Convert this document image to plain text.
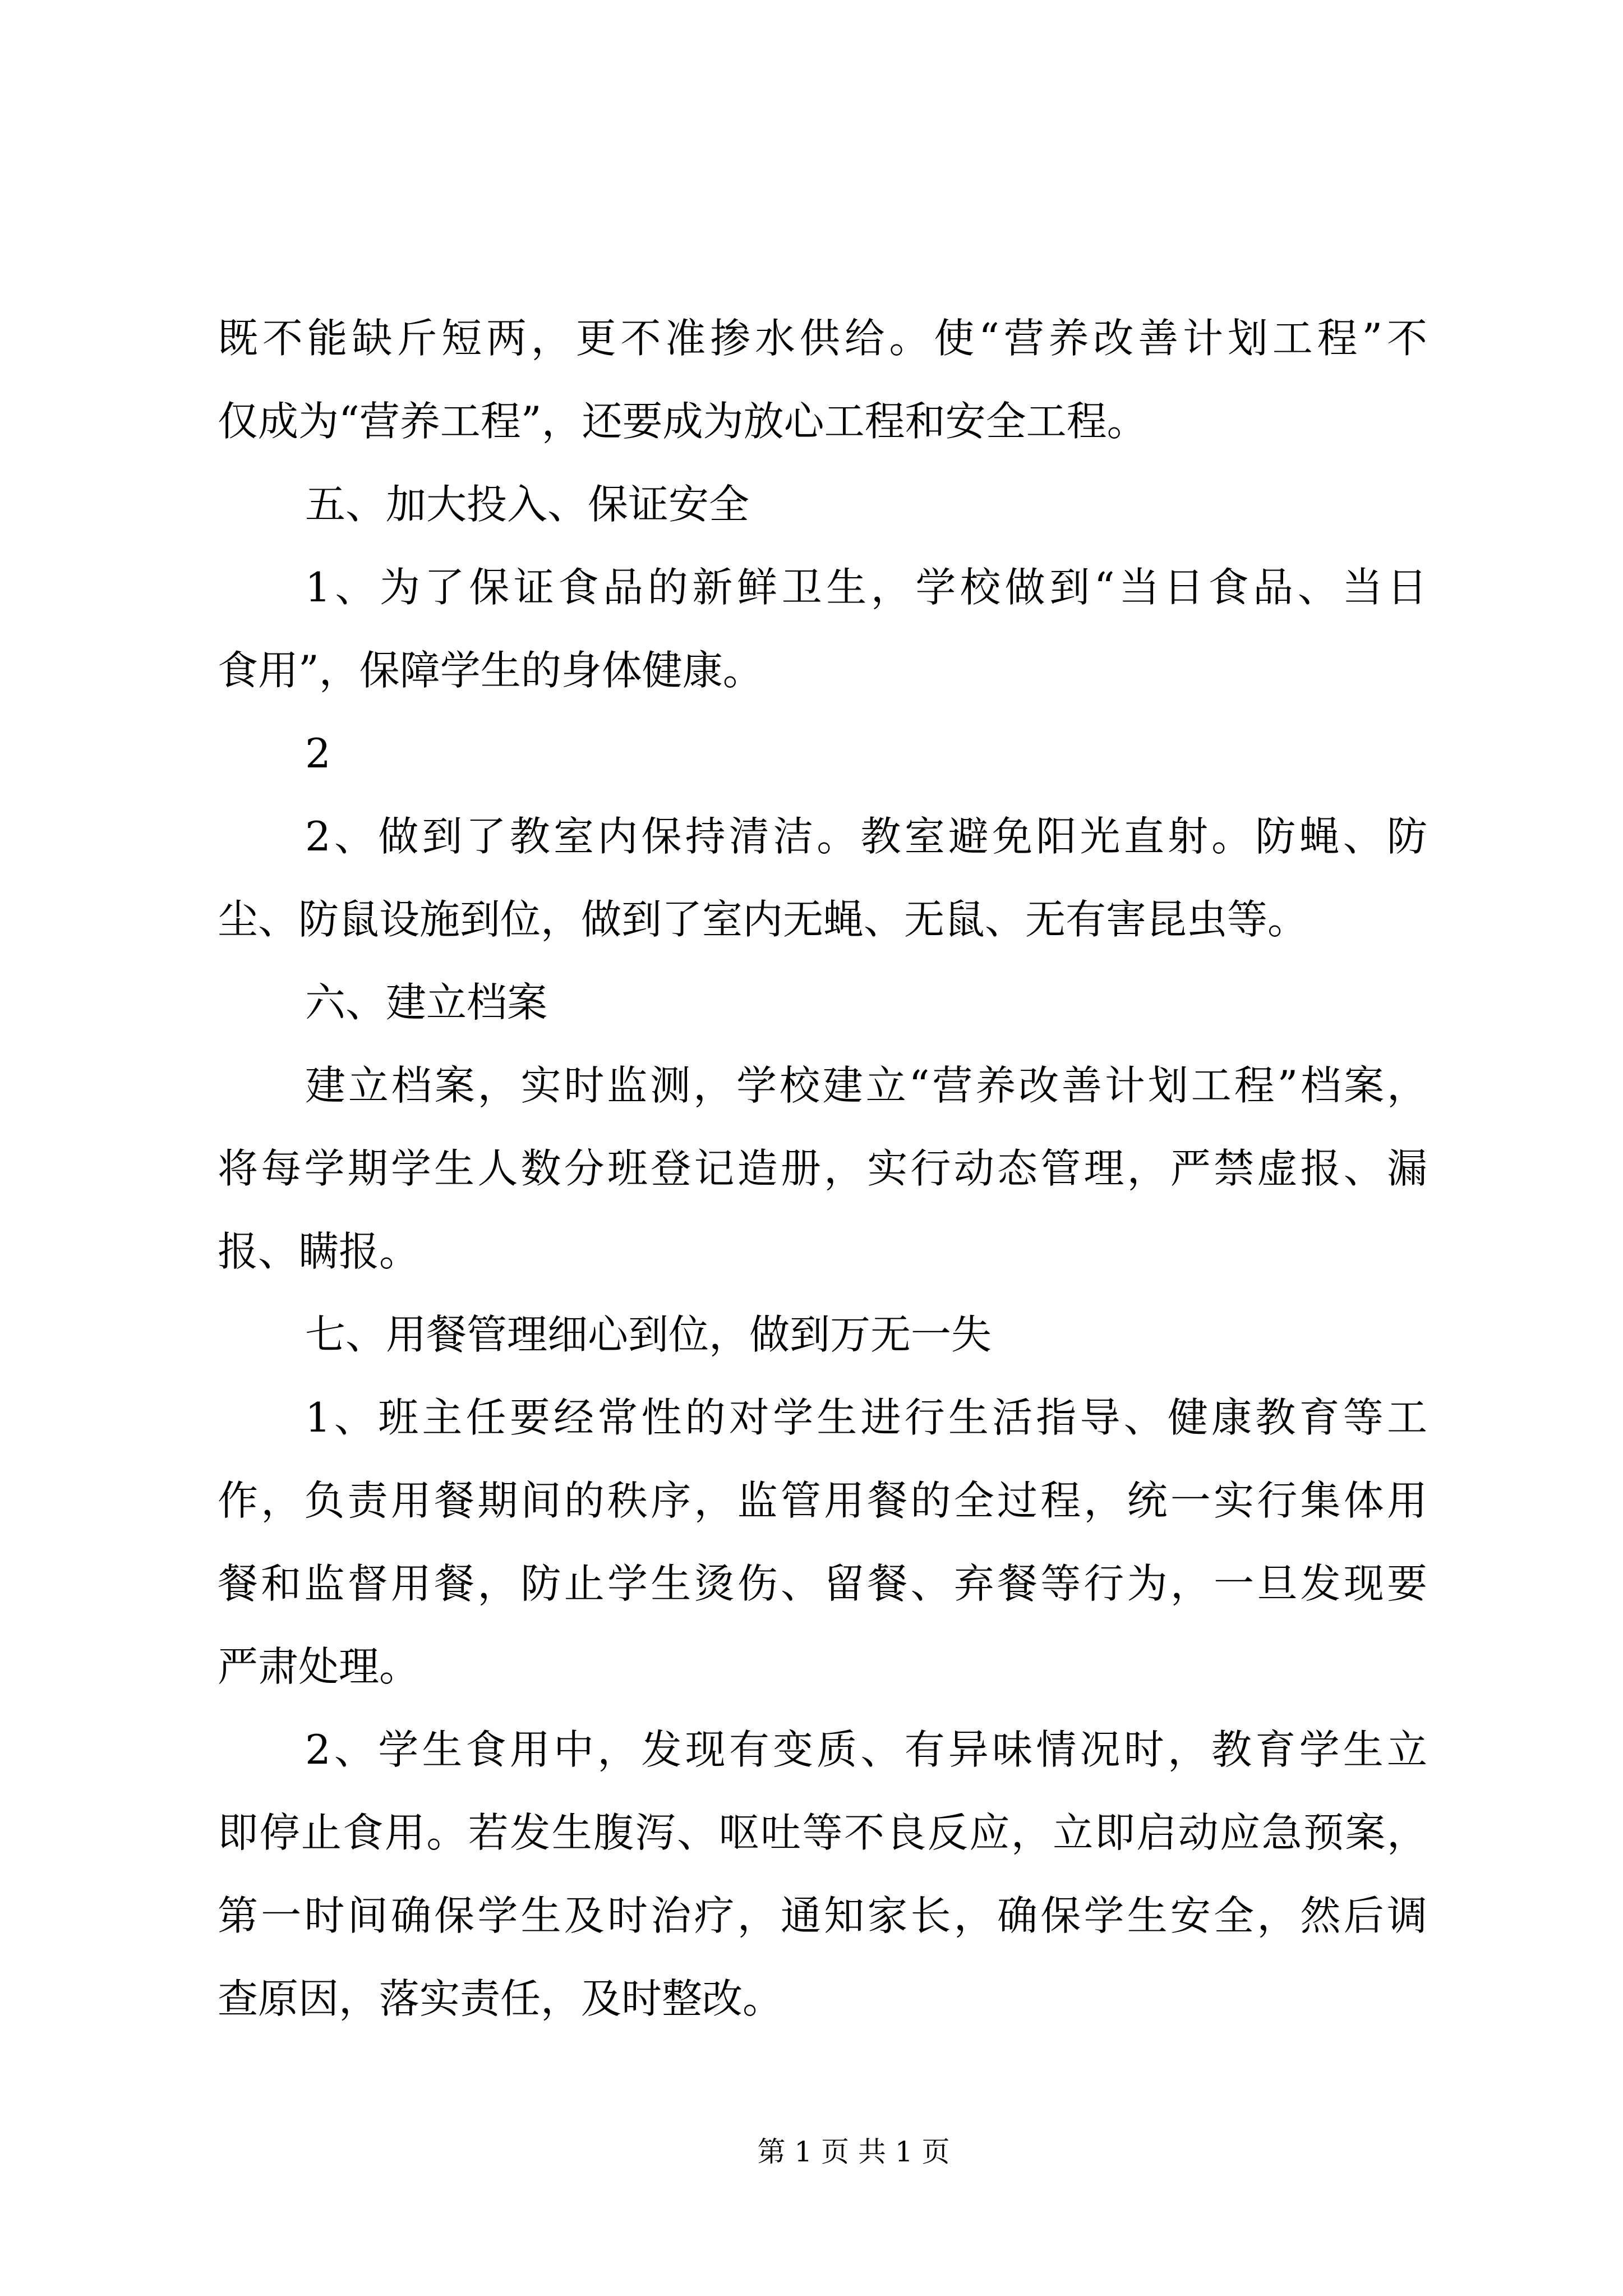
既不能缺斤短两，更不准掺水供给。使“营养改善计划工程”不
仅成为“营养工程”，还要成为放心工程和安全工程。
五、加大投入、保证安全
1、为了保证食品的新鲜卫生，学校做到“当日食品、当日
食用”，保障学生的身体健康。
2
2、做到了教室内保持清洁。教室避免阳光直射。防蝇、防
尘、防鼠设施到位，做到了室内无蝇、无鼠、无有害昆虫等。
六、建立档案
建立档案，实时监测，学校建立“营养改善计划工程”档案，
将每学期学生人数分班登记造册，实行动态管理，严禁虚报、漏
报、瞒报。
七、用餐管理细心到位，做到万无一失
1、班主任要经常性的对学生进行生活指导、健康教育等工
作，负责用餐期间的秩序，监管用餐的全过程，统一实行集体用
餐和监督用餐，防止学生烫伤、留餐、弃餐等行为，一旦发现要
严肃处理。
2、学生食用中，发现有变质、有异味情况时，教育学生立
即停止食用。若发生腹泻、呕吐等不良反应，立即启动应急预案，
第一时间确保学生及时治疗，通知家长，确保学生安全，然后调
查原因，落实责任，及时整改。
第 1 页 共 1 页
